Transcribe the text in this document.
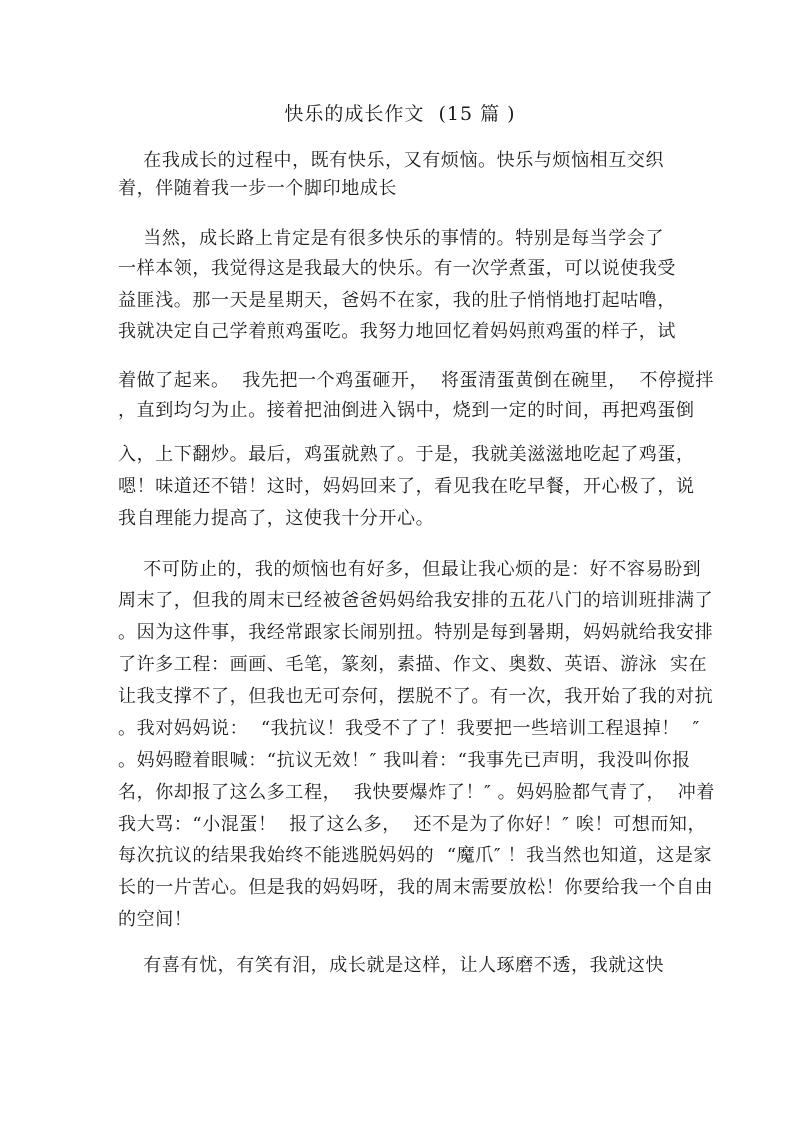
快乐的成长作文  (15 篇 )
在我成长的过程中，既有快乐，又有烦恼。快乐与烦恼相互交织
着，伴随着我一步一个脚印地成长
当然，成长路上肯定是有很多快乐的事情的。特别是每当学会了
一样本领，我觉得这是我最大的快乐。有一次学煮蛋，可以说使我受
益匪浅。那一天是星期天，爸妈不在家，我的肚子悄悄地打起咕噜，
我就决定自己学着煎鸡蛋吃。我努力地回忆着妈妈煎鸡蛋的样子，试
着做了起来。  我先把一个鸡蛋砸开，  将蛋清蛋黄倒在碗里，  不停搅拌
，直到均匀为止。接着把油倒进入锅中，烧到一定的时间，再把鸡蛋倒
入，上下翻炒。最后，鸡蛋就熟了。于是，我就美滋滋地吃起了鸡蛋，
嗯！味道还不错！这时，妈妈回来了，看见我在吃早餐，开心极了，说
我自理能力提高了，这使我十分开心。
不可防止的，我的烦恼也有好多，但最让我心烦的是：好不容易盼到
周末了，但我的周末已经被爸爸妈妈给我安排的五花八门的培训班排满了
。因为这件事，我经常跟家长闹别扭。特别是每到暑期，妈妈就给我安排
了许多工程：画画、毛笔，篆刻，素描、作文、奥数、英语、游泳  实在
让我支撑不了，但我也无可奈何，摆脱不了。有一次，我开始了我的对抗
。我对妈妈说：  “我抗议！我受不了了！我要把一些培训工程退掉！  ″
。妈妈瞪着眼喊：“抗议无效！″ 我叫着：“我事先已声明，我没叫你报
名，你却报了这么多工程，  我快要爆炸了！″ 。妈妈脸都气青了，  冲着
我大骂：“小混蛋！  报了这么多，  还不是为了你好！″ 唉！可想而知，
每次抗议的结果我始终不能逃脱妈妈的  “魔爪″ ！我当然也知道，这是家
长的一片苦心。但是我的妈妈呀，我的周末需要放松！你要给我一个自由
的空间！
有喜有忧，有笑有泪，成长就是这样，让人琢磨不透，我就这快
